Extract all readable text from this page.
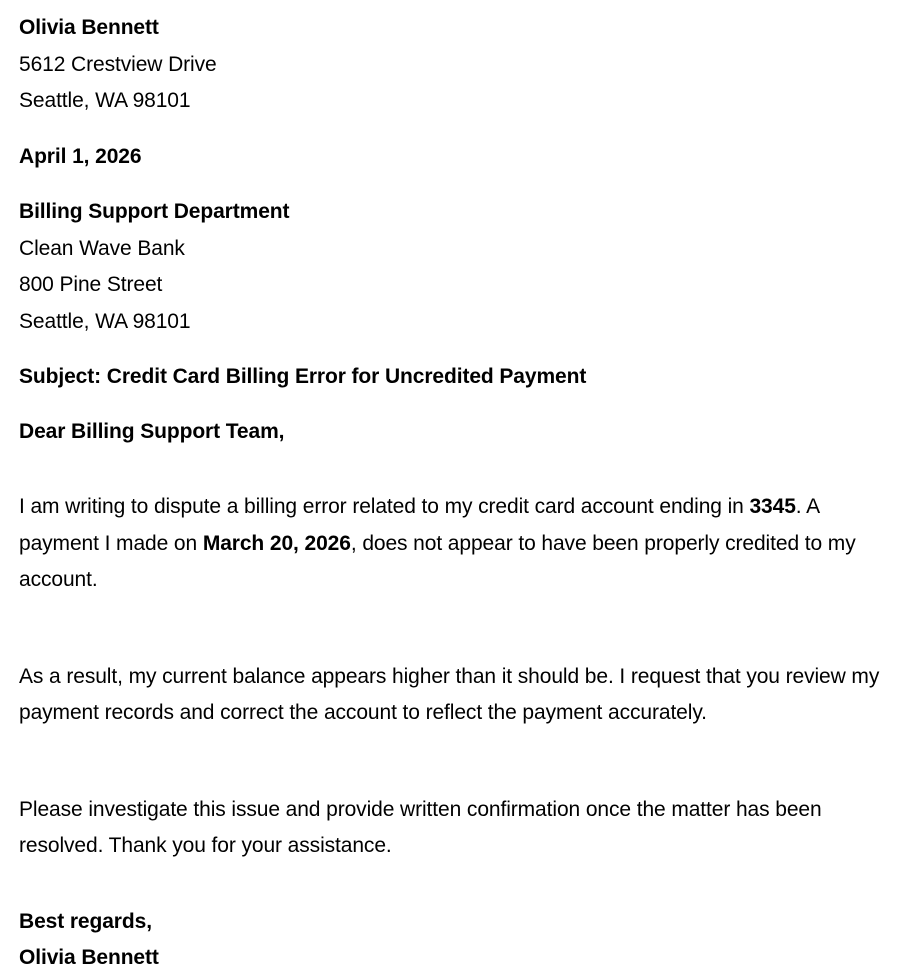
Olivia Bennett
5612 Crestview Drive
Seattle, WA 98101
April 1, 2026
Billing Support Department
Clean Wave Bank
800 Pine Street
Seattle, WA 98101
Subject: Credit Card Billing Error for Uncredited Payment
Dear Billing Support Team,

I am writing to dispute a billing error related to my credit card account ending in 3345. A payment I made on March 20, 2026, does not appear to have been properly credited to my account.

As a result, my current balance appears higher than it should be. I request that you review my payment records and correct the account to reflect the payment accurately.

Please investigate this issue and provide written confirmation once the matter has been resolved. Thank you for your assistance.

Best regards,
Olivia Bennett
